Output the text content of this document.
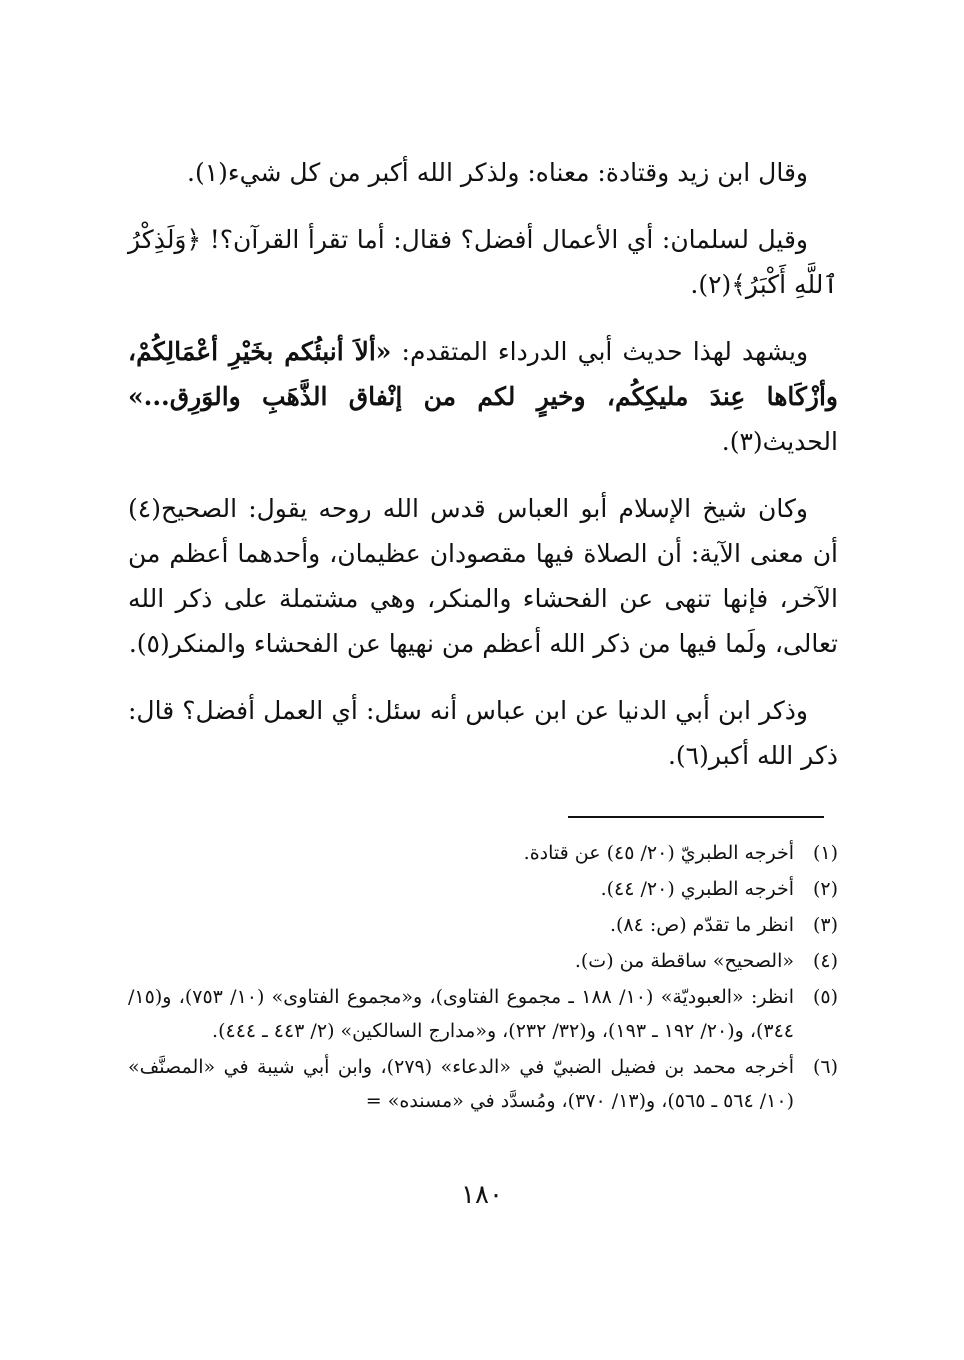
وقال ابن زيد وقتادة: معناه: ولذكر الله أكبر من كل شيء(١).

وقيل لسلمان: أي الأعمال أفضل؟ فقال: أما تقرأ القرآن؟! ﴿وَلَذِكْرُ ٱللَّهِ أَكْبَرُ﴾(٢).

ويشهد لهذا حديث أبي الدرداء المتقدم: «ألاَ أنبئُكم بخَيْرِ أعْمَالِكُمْ، وأزْكَاها عِندَ مليكِكُم، وخيرٍ لكم من إنْفاق الذَّهَبِ والوَرِق...» الحديث(٣).

وكان شيخ الإسلام أبو العباس قدس الله روحه يقول: الصحيح(٤) أن معنى الآية: أن الصلاة فيها مقصودان عظيمان، وأحدهما أعظم من الآخر، فإنها تنهى عن الفحشاء والمنكر، وهي مشتملة على ذكر الله تعالى، ولَما فيها من ذكر الله أعظم من نهيها عن الفحشاء والمنكر(٥).

وذكر ابن أبي الدنيا عن ابن عباس أنه سئل: أي العمل أفضل؟ قال: ذكر الله أكبر(٦).

(١)
أخرجه الطبريّ (٢٠/ ٤٥) عن قتادة.
(٢)
أخرجه الطبري (٢٠/ ٤٤).
(٣)
انظر ما تقدّم (ص: ٨٤).
(٤)
«الصحيح» ساقطة من (ت).
(٥)
انظر: «العبوديّة» (١٠/ ١٨٨ ـ مجموع الفتاوى)، و«مجموع الفتاوى» (١٠/ ٧٥٣)، و(١٥/ ٣٤٤)، و(٢٠/ ١٩٢ ـ ١٩٣)، و(٣٢/ ٢٣٢)، و«مدارج السالكين» (٢/ ٤٤٣ ـ ٤٤٤).
(٦)
أخرجه محمد بن فضيل الضبيّ في «الدعاء» (٢٧٩)، وابن أبي شيبة في «المصنَّف» (١٠/ ٥٦٤ ـ ٥٦٥)، و(١٣/ ٣٧٠)، ومُسدَّد في «مسنده» =
١٨٠
